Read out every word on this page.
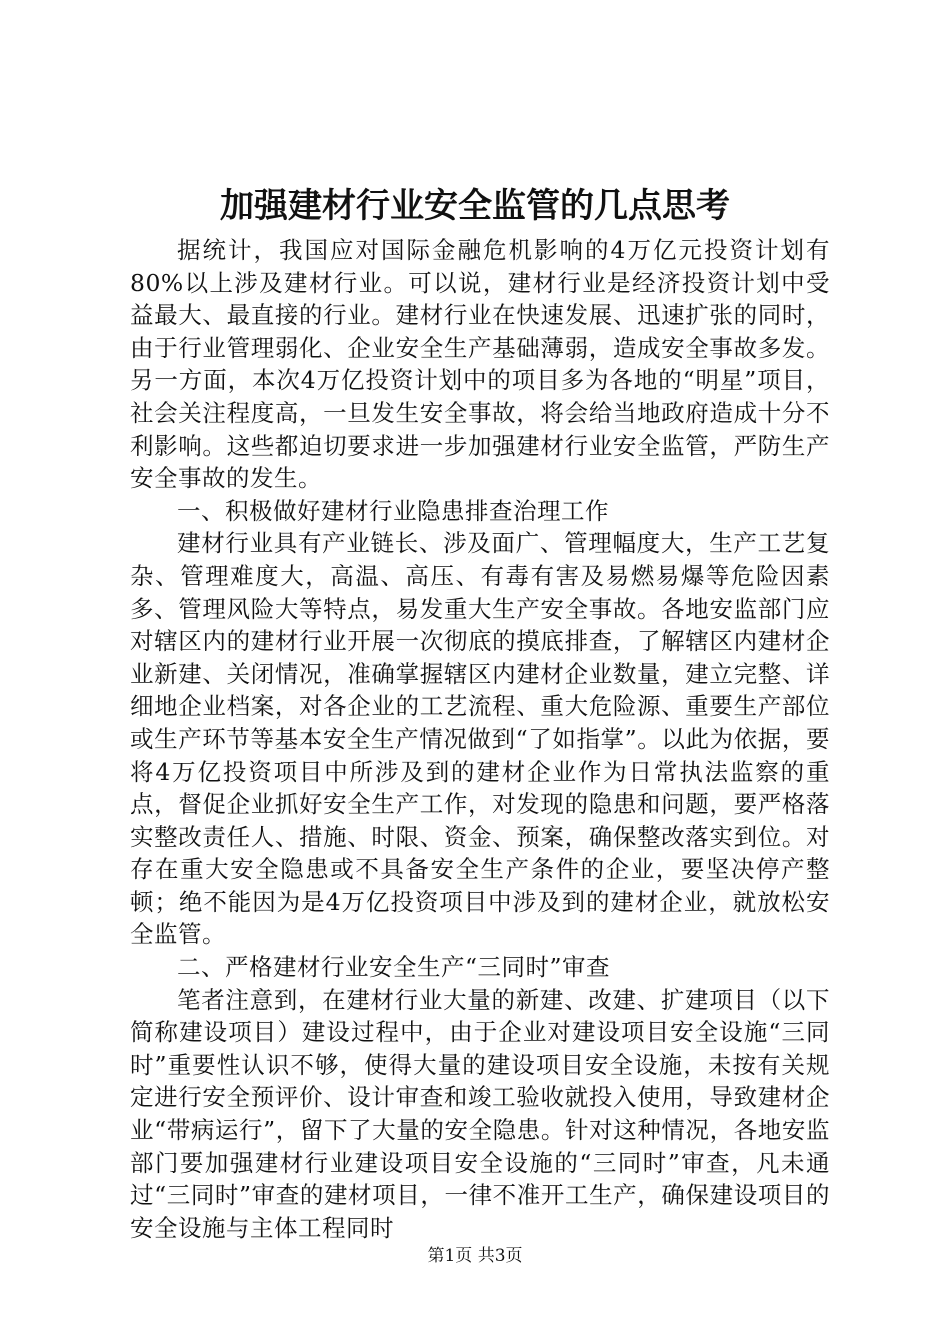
加强建材行业安全监管的几点思考

据统计，我国应对国际金融危机影响的4万亿元投资计划有80%以上涉及建材行业。可以说，建材行业是经济投资计划中受益最大、最直接的行业。建材行业在快速发展、迅速扩张的同时，由于行业管理弱化、企业安全生产基础薄弱，造成安全事故多发。另一方面，本次4万亿投资计划中的项目多为各地的“明星”项目，社会关注程度高，一旦发生安全事故，将会给当地政府造成十分不利影响。这些都迫切要求进一步加强建材行业安全监管，严防生产安全事故的发生。

一、积极做好建材行业隐患排查治理工作

建材行业具有产业链长、涉及面广、管理幅度大，生产工艺复杂、管理难度大，高温、高压、有毒有害及易燃易爆等危险因素多、管理风险大等特点，易发重大生产安全事故。各地安监部门应对辖区内的建材行业开展一次彻底的摸底排查，了解辖区内建材企业新建、关闭情况，准确掌握辖区内建材企业数量，建立完整、详细地企业档案，对各企业的工艺流程、重大危险源、重要生产部位或生产环节等基本安全生产情况做到“了如指掌”。以此为依据，要将4万亿投资项目中所涉及到的建材企业作为日常执法监察的重点，督促企业抓好安全生产工作，对发现的隐患和问题，要严格落实整改责任人、措施、时限、资金、预案，确保整改落实到位。对存在重大安全隐患或不具备安全生产条件的企业，要坚决停产整顿；绝不能因为是4万亿投资项目中涉及到的建材企业，就放松安全监管。

二、严格建材行业安全生产“三同时”审查

笔者注意到，在建材行业大量的新建、改建、扩建项目（以下简称建设项目）建设过程中，由于企业对建设项目安全设施“三同时”重要性认识不够，使得大量的建设项目安全设施，未按有关规定进行安全预评价、设计审查和竣工验收就投入使用，导致建材企业“带病运行”，留下了大量的安全隐患。针对这种情况，各地安监部门要加强建材行业建设项目安全设施的“三同时”审查，凡未通过“三同时”审查的建材项目，一律不准开工生产，确保建设项目的安全设施与主体工程同时

第1页 共3页
